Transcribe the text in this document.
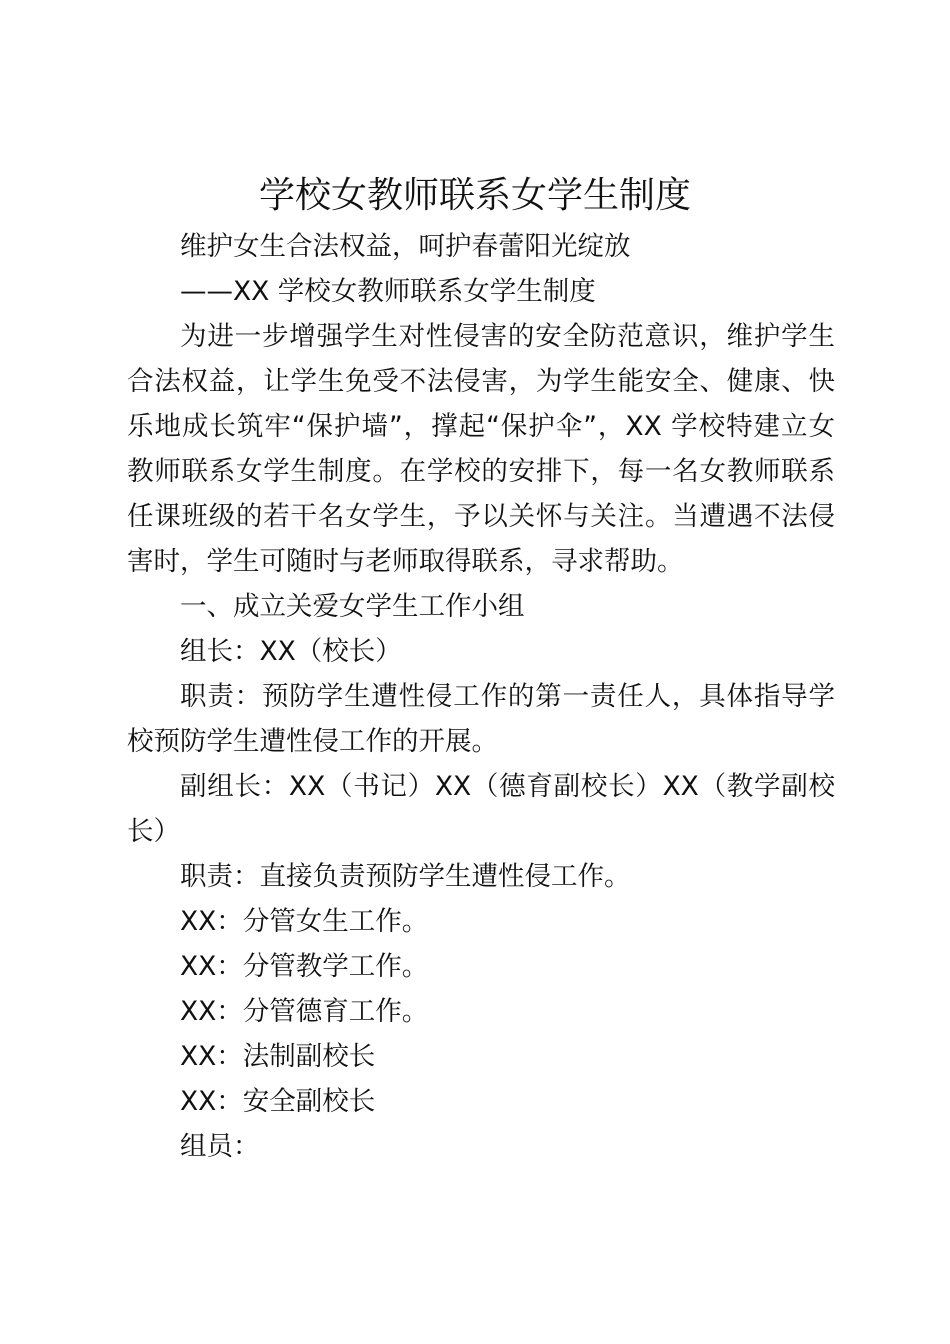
学校女教师联系女学生制度

维护女生合法权益，呵护春蕾阳光绽放

——XX 学校女教师联系女学生制度

为进一步增强学生对性侵害的安全防范意识，维护学生合法权益，让学生免受不法侵害，为学生能安全、健康、快乐地成长筑牢“保护墙”，撑起“保护伞”，XX 学校特建立女教师联系女学生制度。在学校的安排下，每一名女教师联系任课班级的若干名女学生，予以关怀与关注。当遭遇不法侵害时，学生可随时与老师取得联系，寻求帮助。

一、成立关爱女学生工作小组

组长：XX（校长）

职责：预防学生遭性侵工作的第一责任人，具体指导学校预防学生遭性侵工作的开展。

副组长：XX（书记）XX（德育副校长）XX（教学副校长）

职责：直接负责预防学生遭性侵工作。

XX：分管女生工作。

XX：分管教学工作。

XX：分管德育工作。

XX：法制副校长

XX：安全副校长

组员：
